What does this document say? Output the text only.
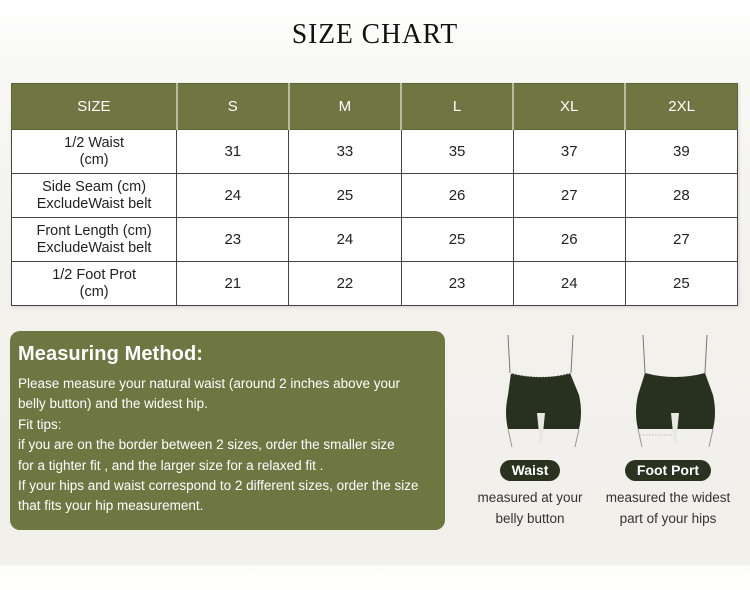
SIZE CHART
SIZE	S	M	L	XL	2XL
1/2 Waist
(cm)	31	33	35	37	39
Side Seam (cm)
ExcludeWaist belt	24	25	26	27	28
Front Length (cm)
ExcludeWaist belt	23	24	25	26	27
1/2 Foot Prot
(cm)	21	22	23	24	25
Measuring Method:
Please measure your natural waist (around 2 inches above your
belly button) and the widest hip.
Fit tips:
if you are on the border between 2 sizes, order the smaller size
for a tighter fit , and the larger size for a relaxed fit .
If your hips and waist correspond to 2 different sizes, order the size
that fits your hip measurement.
Waist
measured at your
belly button
Foot Port
measured the widest
part of your hips
